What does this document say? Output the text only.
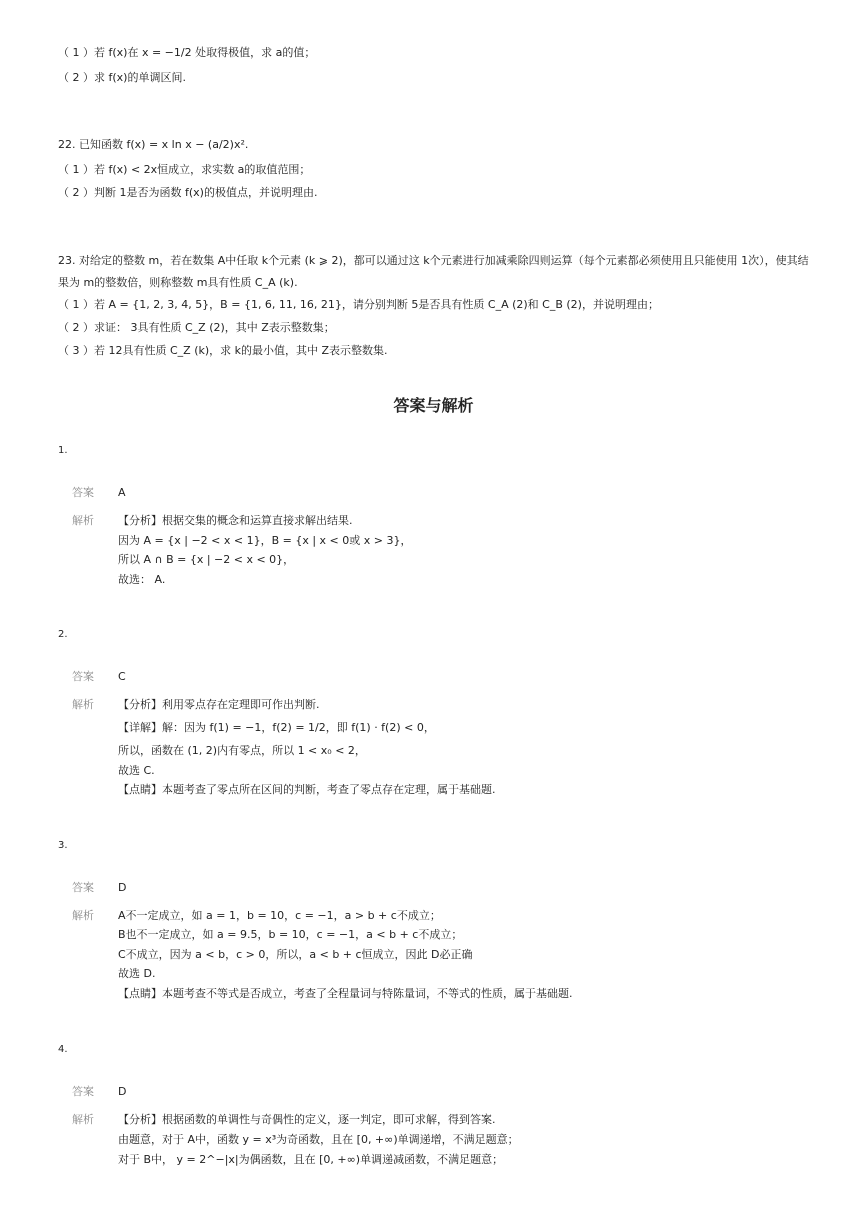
（ 1 ）若 f(x)在 x = −1/2 处取得极值，求 a的值；
（ 2 ）求 f(x)的单调区间.
22. 已知函数 f(x) = x ln x − (a/2)x².
（ 1 ）若 f(x) < 2x恒成立，求实数 a的取值范围；
（ 2 ）判断 1是否为函数 f(x)的极值点，并说明理由.
23. 对给定的整数 m，若在数集 A中任取 k个元素 (k ⩾ 2)，都可以通过这 k个元素进行加减乘除四则运算（每个元素都必须使用且只能使用 1次），使其结果为 m的整数倍，则称整数 m具有性质 C_A (k).
（ 1 ）若 A = {1, 2, 3, 4, 5}，B = {1, 6, 11, 16, 21}，请分别判断 5是否具有性质 C_A (2)和 C_B (2)，并说明理由；
（ 2 ）求证： 3具有性质 C_Z (2)，其中 Z表示整数集；
（ 3 ）若 12具有性质 C_Z (k)，求 k的最小值，其中 Z表示整数集.
答案与解析
1.
答案 A
解析 【分析】根据交集的概念和运算直接求解出结果.
因为 A = {x | −2 < x < 1}，B = {x | x < 0或 x > 3}，
所以 A ∩ B = {x | −2 < x < 0}，
故选： A.
2.
答案 C
解析 【分析】利用零点存在定理即可作出判断.
【详解】解：因为 f(1) = −1，f(2) = 1/2，即 f(1) · f(2) < 0，
所以，函数在 (1, 2)内有零点，所以 1 < x₀ < 2，
故选 C.
【点睛】本题考查了零点所在区间的判断，考查了零点存在定理，属于基础题.
3.
答案 D
解析 A不一定成立，如 a = 1，b = 10，c = −1，a > b + c不成立；
B也不一定成立，如 a = 9.5，b = 10，c = −1，a < b + c不成立；
C不成立，因为 a < b，c > 0，所以，a < b + c恒成立，因此 D必正确
故选 D.
【点睛】本题考查不等式是否成立，考查了全程量词与特陈量词，不等式的性质，属于基础题.
4.
答案 D
解析 【分析】根据函数的单调性与奇偶性的定义，逐一判定，即可求解，得到答案.
由题意，对于 A中，函数 y = x³为奇函数，且在 [0, +∞)单调递增，不满足题意；
对于 B中， y = 2^−|x|为偶函数，且在 [0, +∞)单调递减函数，不满足题意；
